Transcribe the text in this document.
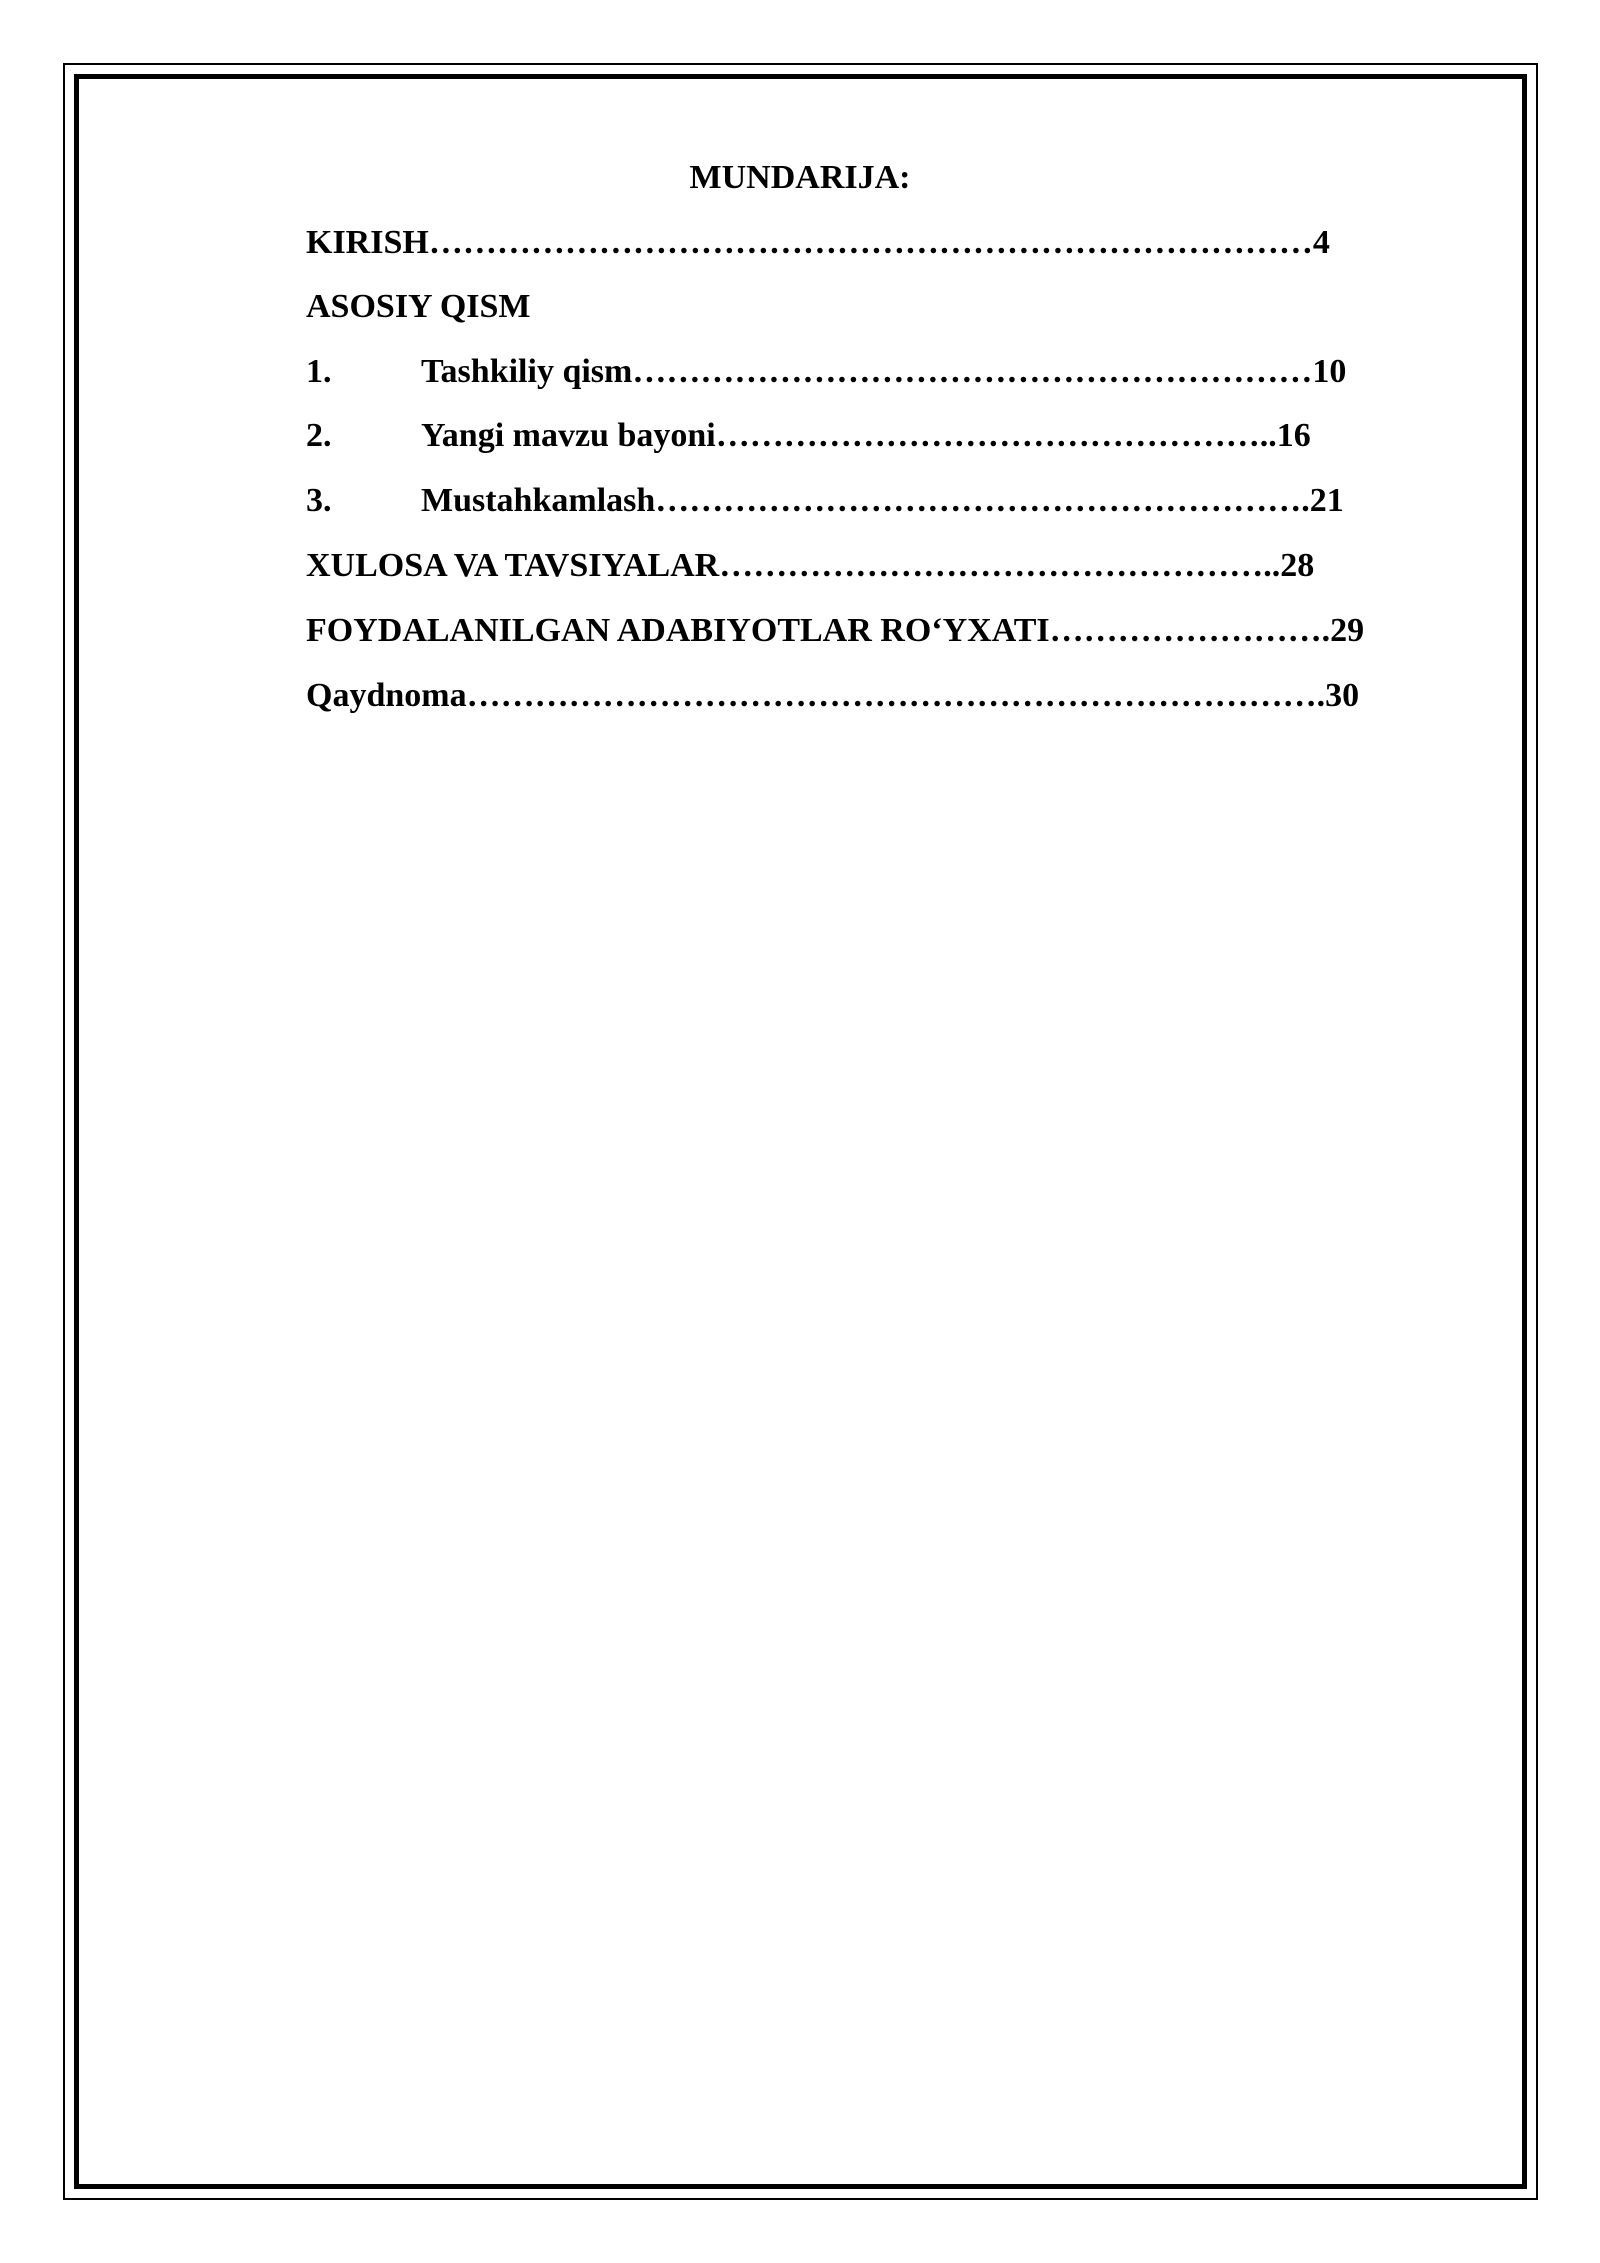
MUNDARIJA:
KIRISH……………………………………………………………………4
ASOSIY QISM
1.	Tashkiliy qism……………………………………………………10
2.	Yangi mavzu bayoni…………………………………………..16
3.	Mustahkamlash………………………………………………….21
XULOSA VA TAVSIYALAR…………………………………………..28
FOYDALANILGAN ADABIYOTLAR RO‘YXATI…………………….29
Qaydnoma………………………………………………………………….30
